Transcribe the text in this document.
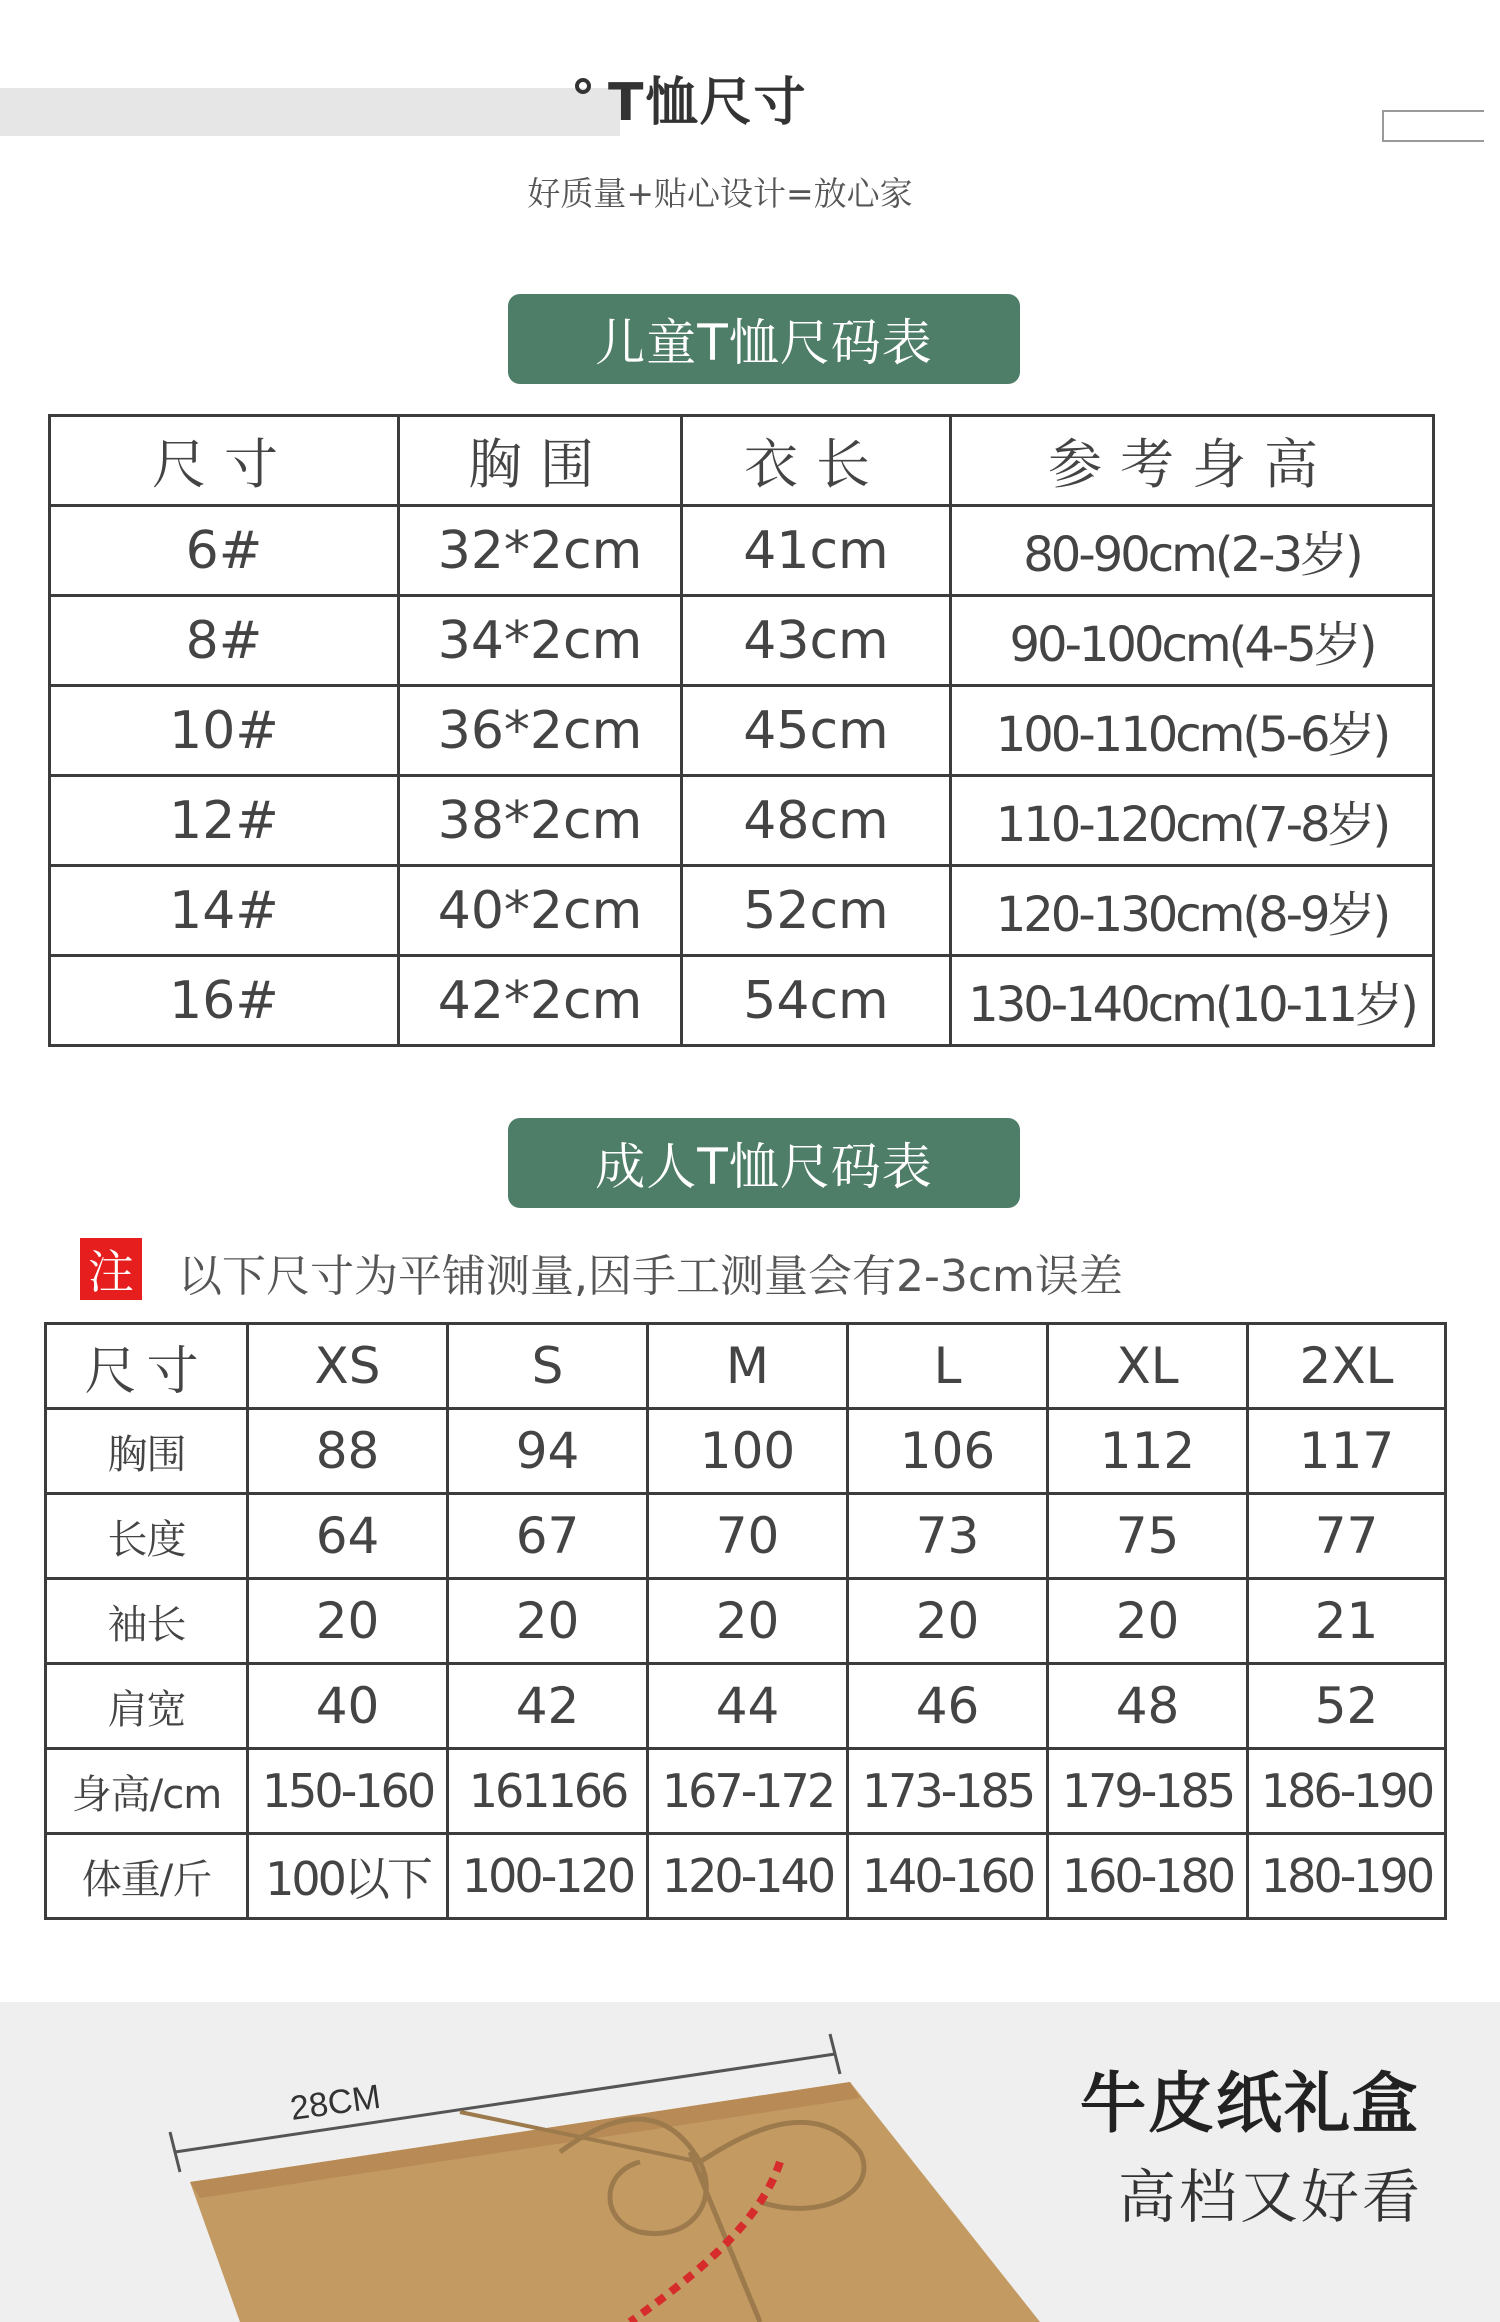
T恤尺寸
好质量+贴心设计=放心家
儿童T恤尺码表
尺寸	胸围	衣长	参考身高
6#	32*2cm	41cm	80-90cm(2-3岁)
8#	34*2cm	43cm	90-100cm(4-5岁)
10#	36*2cm	45cm	100-110cm(5-6岁)
12#	38*2cm	48cm	110-120cm(7-8岁)
14#	40*2cm	52cm	120-130cm(8-9岁)
16#	42*2cm	54cm	130-140cm(10-11岁)
成人T恤尺码表
注 以下尺寸为平铺测量,因手工测量会有2-3cm误差
尺寸	XS	S	M	L	XL	2XL
胸围	88	94	100	106	112	117
长度	64	67	70	73	75	77
袖长	20	20	20	20	20	21
肩宽	40	42	44	46	48	52
身高/cm	150-160	161166	167-172	173-185	179-185	186-190
体重/斤	100以下	100-120	120-140	140-160	160-180	180-190
28CM	牛皮纸礼盒
高档又好看
